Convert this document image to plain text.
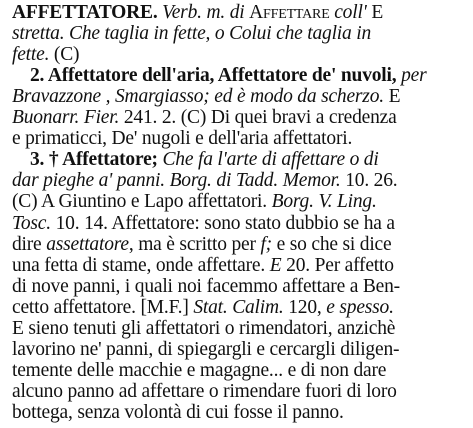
AFFETTATORE. Verb. m. di Affettare coll' E
stretta. Che taglia in fette, o Colui che taglia in
fette. (C)
2. Affettatore dell'aria, Affettatore de' nuvoli, per
Bravazzone , Smargiasso; ed è modo da scherzo. E
Buonarr. Fier. 241. 2. (C) Di quei bravi a credenza
e primaticci, De' nugoli e dell'aria affettatori.
3. † Affettatore; Che fa l'arte di affettare o di
dar pieghe a' panni. Borg. di Tadd. Memor. 10. 26.
(C) A Giuntino e Lapo affettatori. Borg. V. Ling.
Tosc. 10. 14. Affettatore: sono stato dubbio se ha a
dire assettatore, ma è scritto per f; e so che si dice
una fetta di stame, onde affettare. E 20. Per affetto
di nove panni, i quali noi facemmo affettare a Ben-
cetto affettatore. [M.F.] Stat. Calim. 120, e spesso.
E sieno tenuti gli affettatori o rimendatori, anzichè
lavorino ne' panni, di spiegargli e cercargli diligen-
temente delle macchie e magagne... e di non dare
alcuno panno ad affettare o rimendare fuori di loro
bottega, senza volontà di cui fosse il panno.
